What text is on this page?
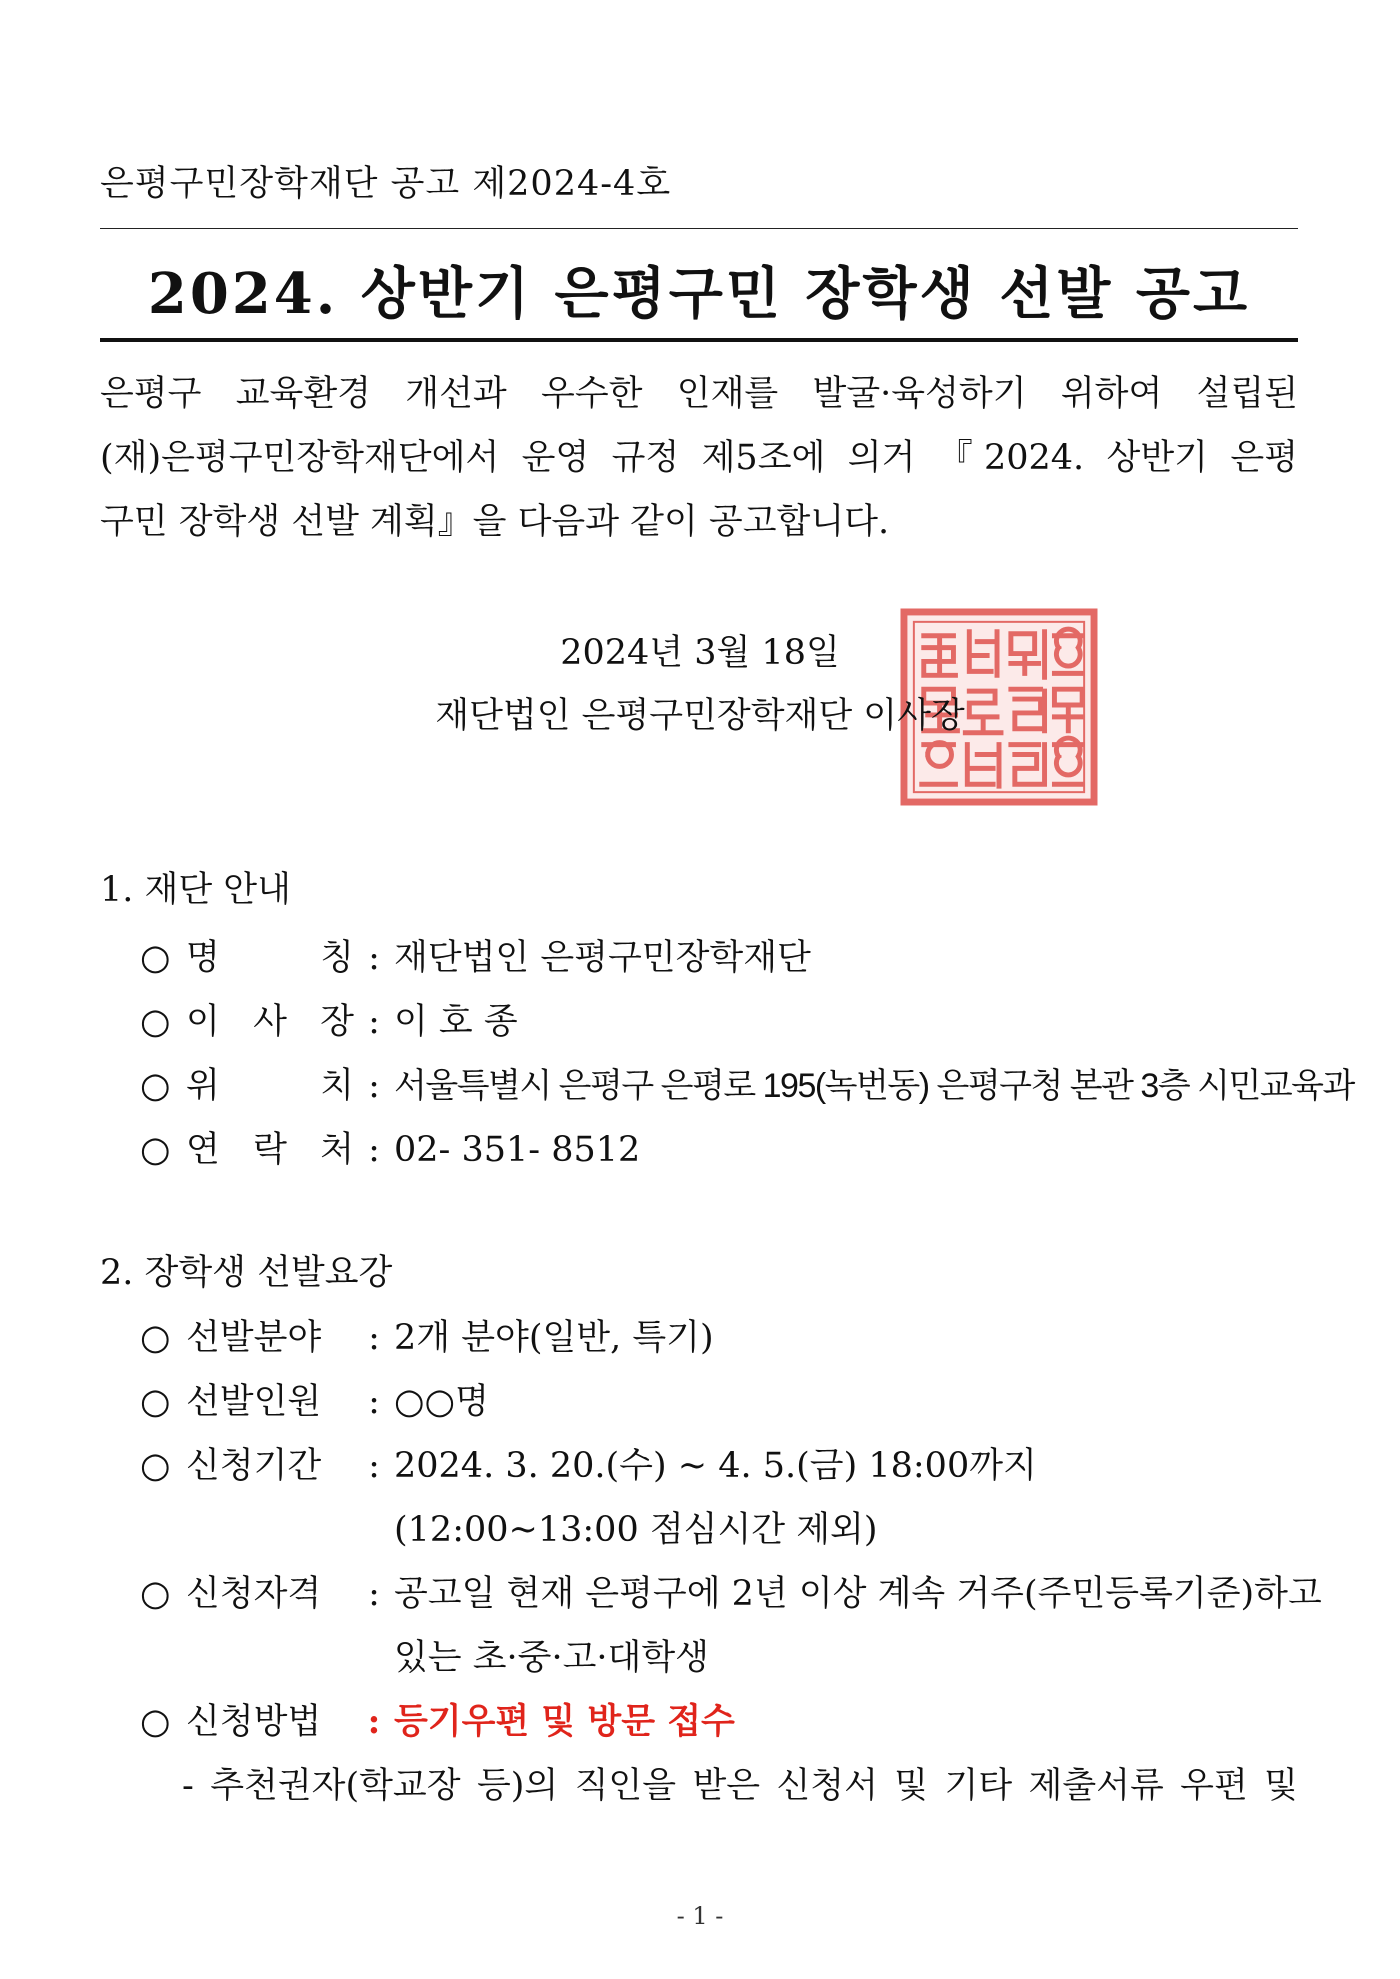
은평구민장학재단 공고 제2024-4호
2024. 상반기 은평구민 장학생 선발 공고
은평구 교육환경 개선과 우수한 인재를 발굴·육성하기 위하여 설립된
(재)은평구민장학재단에서 운영 규정 제5조에 의거 『2024. 상반기 은평
구민 장학생 선발 계획』을 다음과 같이 공고합니다.
2024년 3월 18일
재단법인 은평구민장학재단 이사장
1. 재단 안내
○ 명 칭 : 재단법인 은평구민장학재단
○ 이 사 장 : 이 호 종
○ 위 치 : 서울특별시 은평구 은평로 195(녹번동) 은평구청 본관 3층 시민교육과
○ 연 락 처 : 02- 351- 8512
2. 장학생 선발요강
○ 선발분야 : 2개 분야(일반, 특기)
○ 선발인원 : ○○명
○ 신청기간 : 2024. 3. 20.(수) ~ 4. 5.(금) 18:00까지
(12:00~13:00 점심시간 제외)
○ 신청자격 : 공고일 현재 은평구에 2년 이상 계속 거주(주민등록기준)하고
있는 초·중·고·대학생
○ 신청방법 : 등기우편 및 방문 접수
- 추천권자(학교장 등)의 직인을 받은 신청서 및 기타 제출서류 우편 및
- 1 -
